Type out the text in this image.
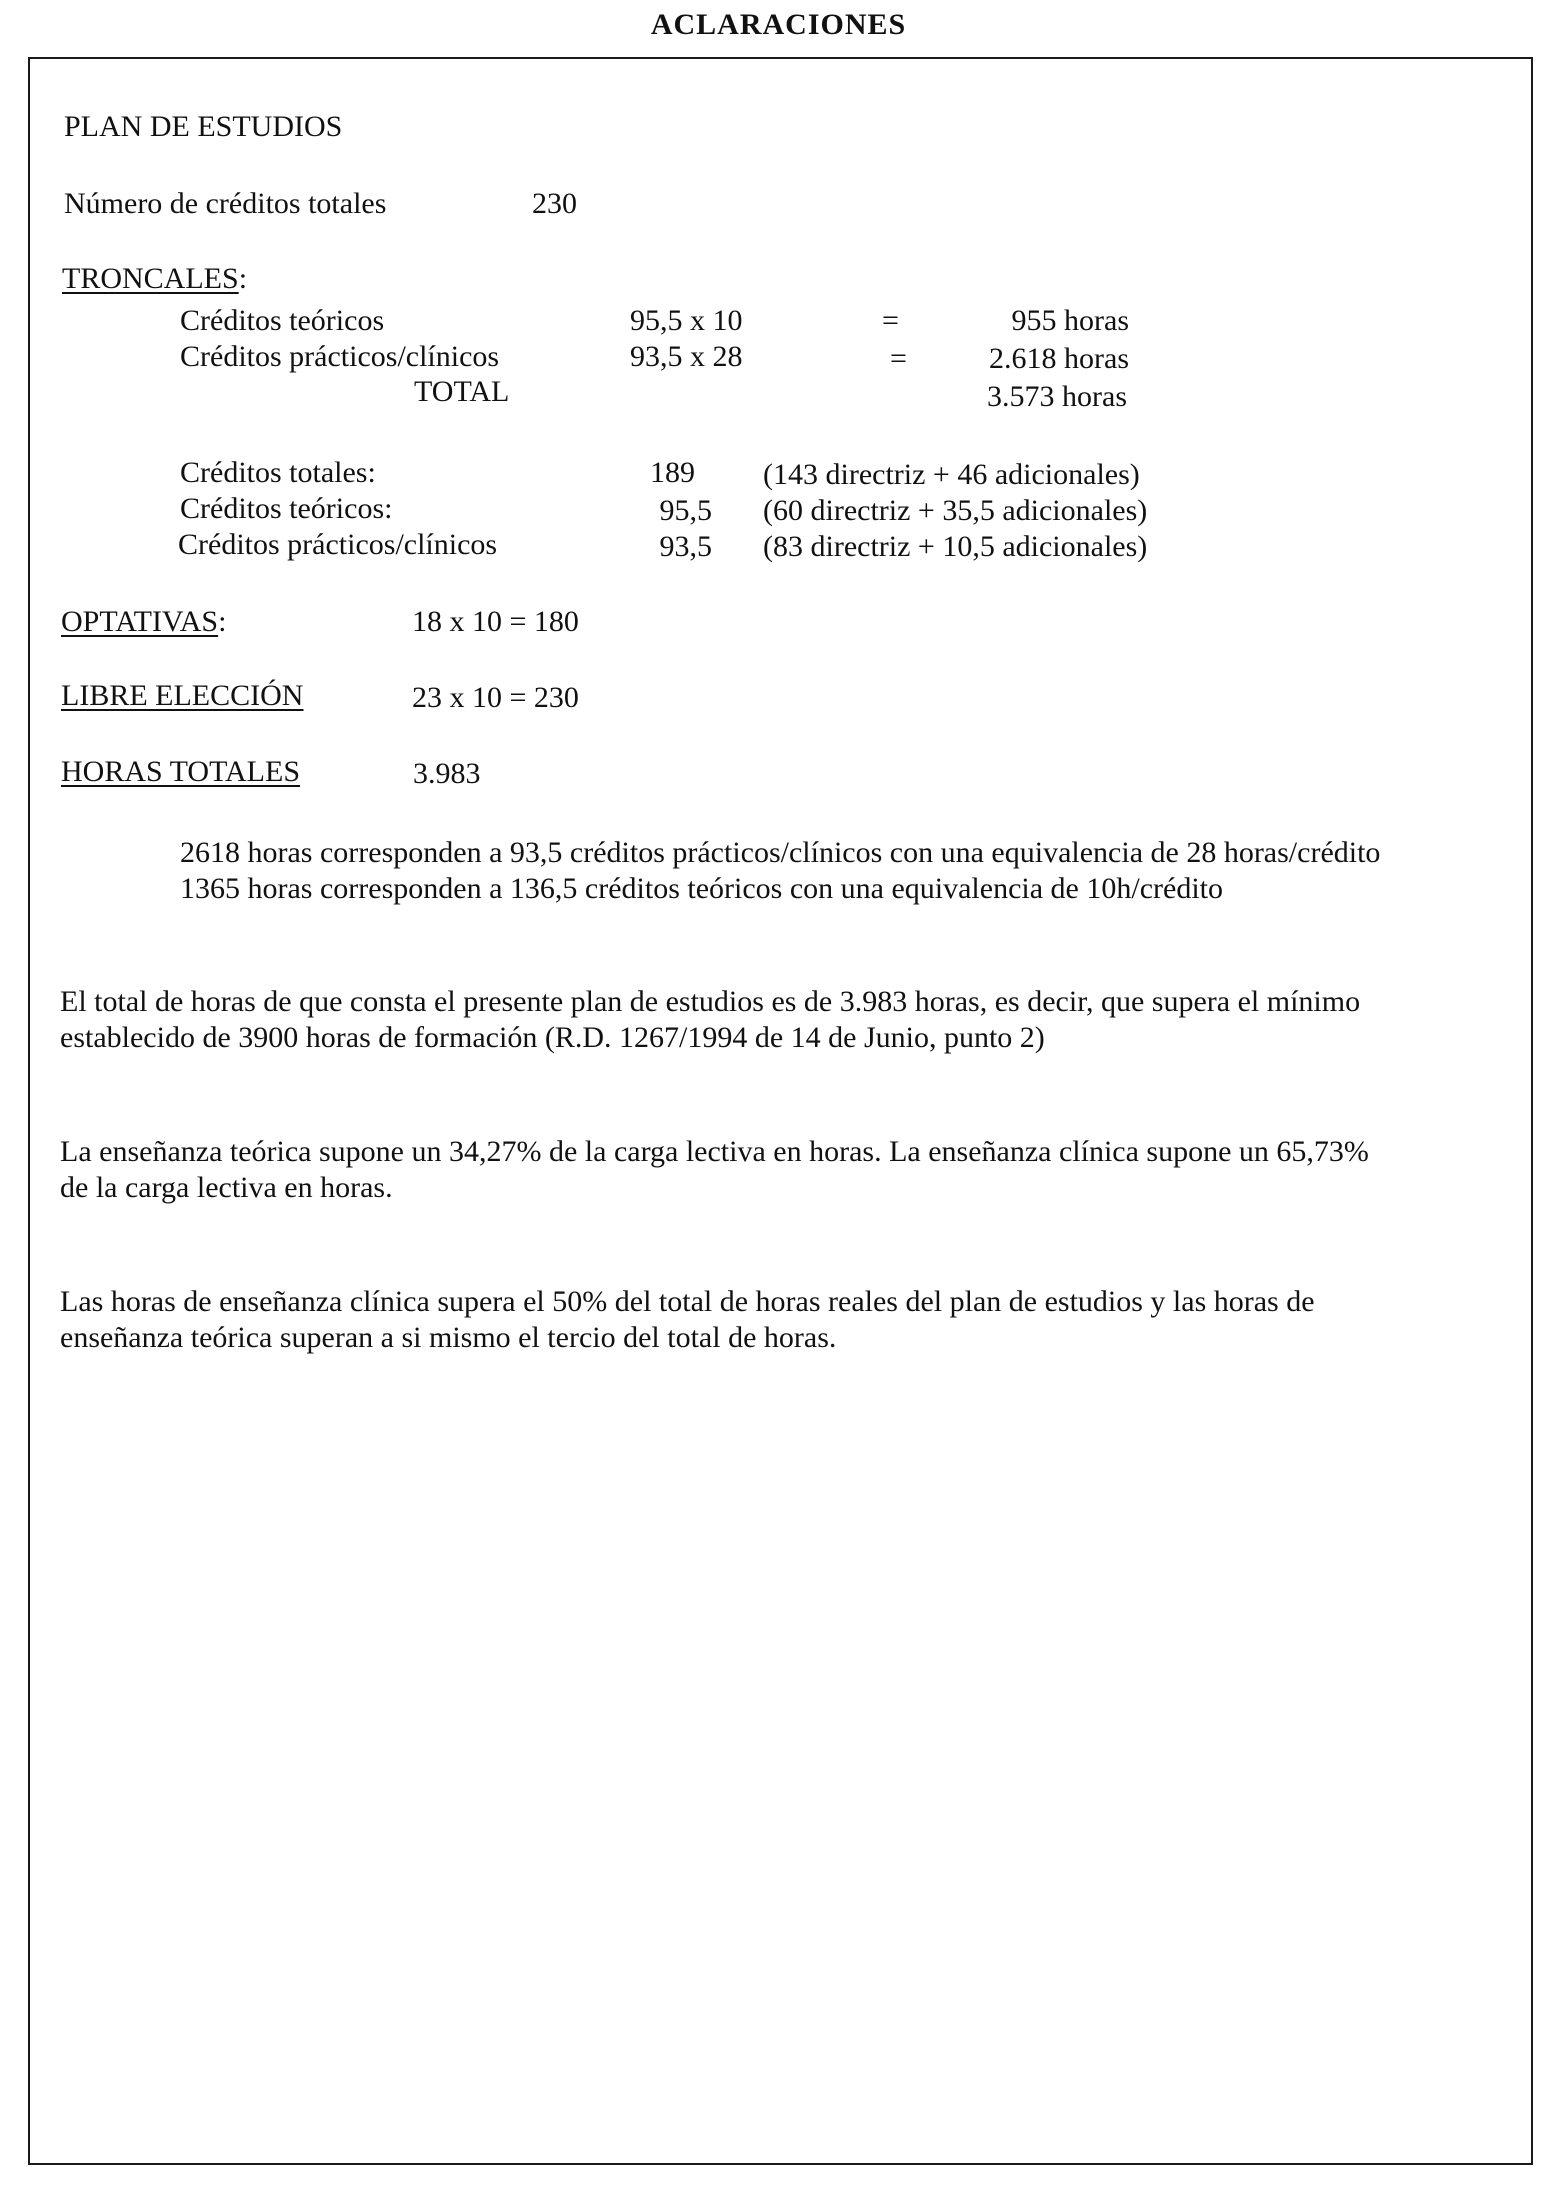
ACLARACIONES
PLAN DE ESTUDIOS
Número de créditos totales	230
TRONCALES:
Créditos teóricos	95,5 x 10	=	955 horas
Créditos prácticos/clínicos	93,5 x 28	=	2.618 horas
TOTAL	3.573 horas
Créditos totales:	189 (143 directriz + 46 adicionales)
Créditos teóricos:	95,5 (60 directriz + 35,5 adicionales)
Créditos prácticos/clínicos	93,5 (83 directriz + 10,5 adicionales)
OPTATIVAS:	18 x 10 = 180
LIBRE ELECCIÓN	23 x 10 = 230
HORAS TOTALES	3.983
2618 horas corresponden a 93,5 créditos prácticos/clínicos con una equivalencia de 28 horas/crédito
1365 horas corresponden a 136,5 créditos teóricos con una equivalencia de 10h/crédito
El total de horas de que consta el presente plan de estudios es de 3.983 horas, es decir, que supera el mínimo
establecido de 3900 horas de formación (R.D. 1267/1994 de 14 de Junio, punto 2)
La enseñanza teórica supone un 34,27% de la carga lectiva en horas. La enseñanza clínica supone un 65,73%
de la carga lectiva en horas.
Las horas de enseñanza clínica supera el 50% del total de horas reales del plan de estudios y las horas de
enseñanza teórica superan a si mismo el tercio del total de horas.
